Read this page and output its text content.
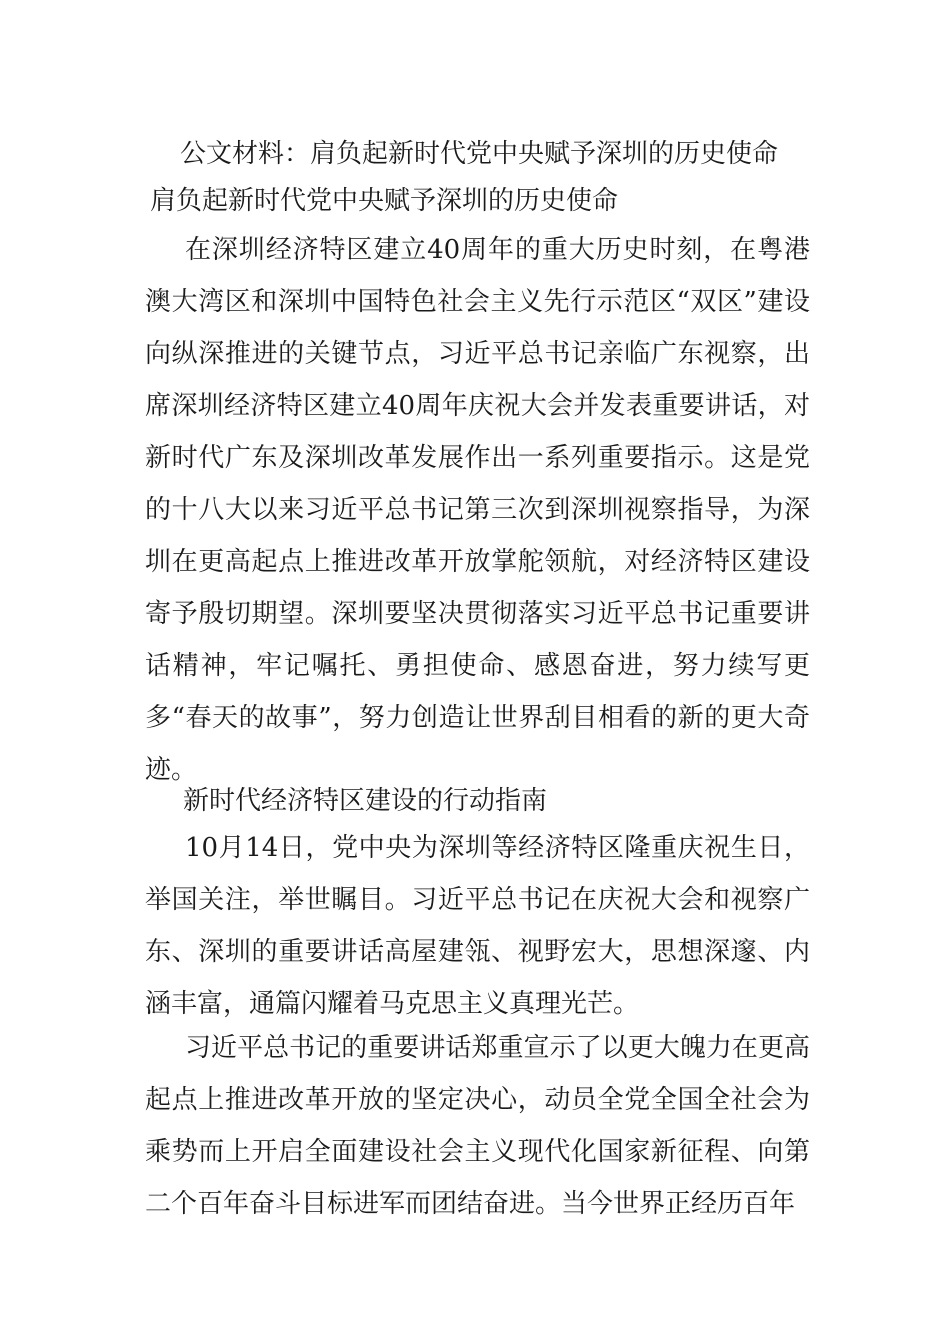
公文材料：肩负起新时代党中央赋予深圳的历史使命
肩负起新时代党中央赋予深圳的历史使命

在深圳经济特区建立40周年的重大历史时刻，在粤港澳大湾区和深圳中国特色社会主义先行示范区“双区”建设向纵深推进的关键节点，习近平总书记亲临广东视察，出席深圳经济特区建立40周年庆祝大会并发表重要讲话，对新时代广东及深圳改革发展作出一系列重要指示。这是党的十八大以来习近平总书记第三次到深圳视察指导，为深圳在更高起点上推进改革开放掌舵领航，对经济特区建设寄予殷切期望。深圳要坚决贯彻落实习近平总书记重要讲话精神，牢记嘱托、勇担使命、感恩奋进，努力续写更多“春天的故事”，努力创造让世界刮目相看的新的更大奇迹。

新时代经济特区建设的行动指南

10月14日，党中央为深圳等经济特区隆重庆祝生日，举国关注，举世瞩目。习近平总书记在庆祝大会和视察广东、深圳的重要讲话高屋建瓴、视野宏大，思想深邃、内涵丰富，通篇闪耀着马克思主义真理光芒。

习近平总书记的重要讲话郑重宣示了以更大魄力在更高起点上推进改革开放的坚定决心，动员全党全国全社会为乘势而上开启全面建设社会主义现代化国家新征程、向第二个百年奋斗目标进军而团结奋进。当今世界正经历百年
